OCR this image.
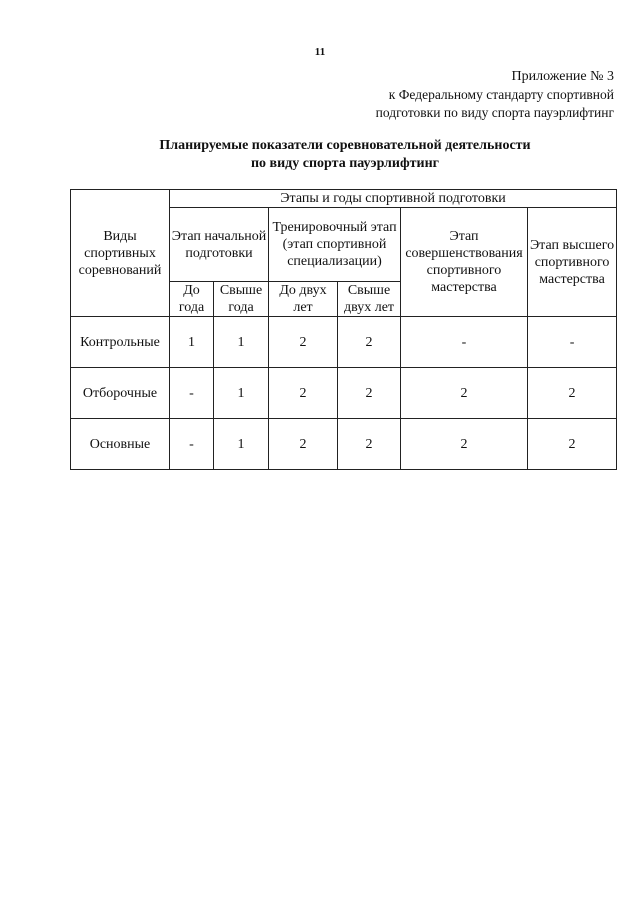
11
Приложение № 3
к Федеральному стандарту спортивной
подготовки по виду спорта пауэрлифтинг
Планируемые показатели соревновательной деятельности
по виду спорта пауэрлифтинг
Виды спортивных соревнований	Этапы и годы спортивной подготовки					
	Этап начальной подготовки		Тренировочный этап (этап спортивной специализации)		Этап совершенствования спортивного мастерства	Этап высшего спортивного мастерства
	До года	Свыше года	До двух лет	Свыше двух лет		
Контрольные	1	1	2	2	-	-
Отборочные	-	1	2	2	2	2
Основные	-	1	2	2	2	2
